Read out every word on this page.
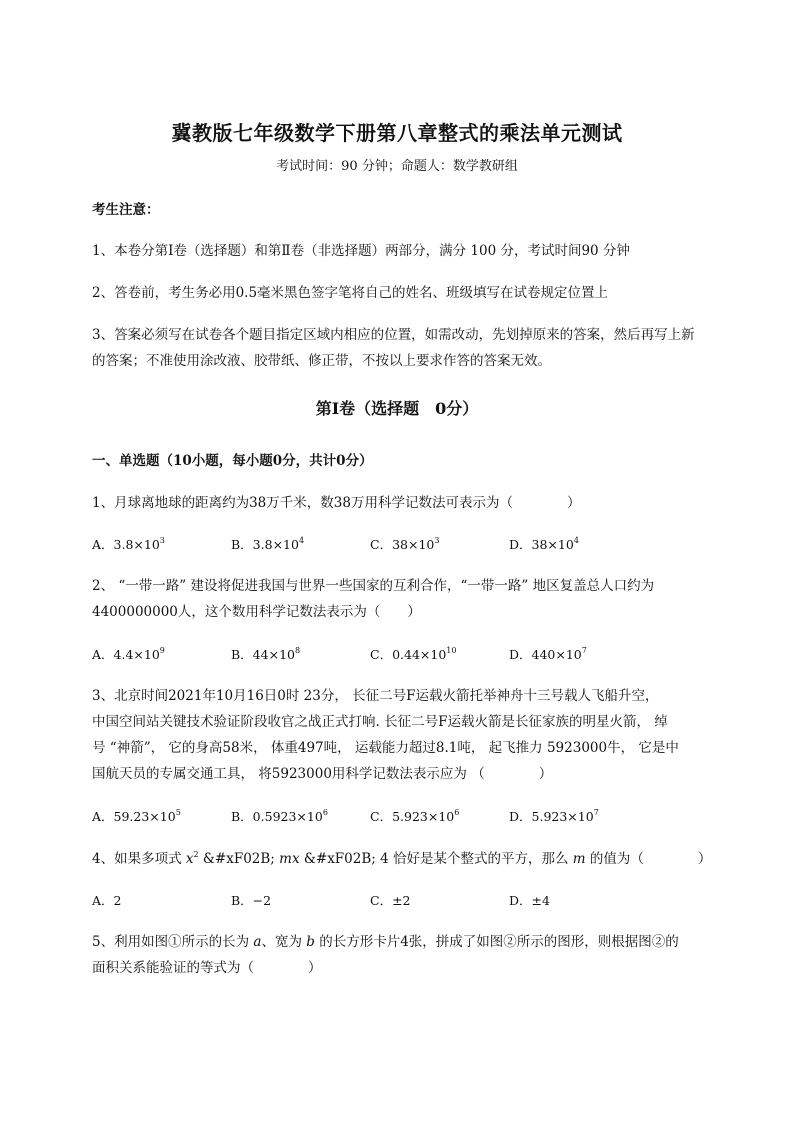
冀教版七年级数学下册第八章整式的乘法单元测试
考试时间：90 分钟；命题人：数学教研组
考生注意：
1、本卷分第Ⅰ卷（选择题）和第Ⅱ卷（非选择题）两部分，满分 100 分，考试时间90 分钟
2、答卷前，考生务必用0.5毫米黑色签字笔将自己的姓名、班级填写在试卷规定位置上
3、答案必须写在试卷各个题目指定区域内相应的位置，如需改动，先划掉原来的答案，然后再写上新
的答案；不准使用涂改液、胶带纸、修正带，不按以上要求作答的答案无效。
第Ⅰ卷（选择题　0分）
一、单选题（10小题，每小题0分，共计0分）
1、月球离地球的距离约为38万千米，数38万用科学记数法可表示为（　　　　）
A．$3.8\times 10^3$	B．$3.8\times 10^4$	C．$38\times 10^3$	D．$38\times 10^4$
2、 “一带一路” 建设将促进我国与世界一些国家的互利合作，“一带一路” 地区复盖总人口约为
4400000000人，这个数用科学记数法表示为（　　）
A．$4.4\times 10^9$	B．$44\times 10^8$	C．$0.44\times 10^{10}$	D．$440\times 10^7$
3、北京时间2021年10月16日0时 23分， 长征二号F运载火箭托举神舟十三号载人飞船升空，
中国空间站关键技术验证阶段收官之战正式打响. 长征二号F运载火箭是长征家族的明星火箭， 绰
号 “神箭”， 它的身高58米， 体重497吨， 运载能力超过8.1吨， 起飞推力 5923000牛， 它是中
国航天员的专属交通工具， 将5923000用科学记数法表示应为 （　　　　）
A．$59.23\times 10^5$	B．$0.5923\times 10^6$	C．$5.923\times 10^6$	D．$5.923\times 10^7$
4、如果多项式 $x^2$ &#xF02B; mx &#xF02B; 4 恰好是某个整式的平方，那么 m 的值为（　　　　）
A．2	B．−2	C．±2	D．±4
5、利用如图①所示的长为 a、宽为 b 的长方形卡片4张，拼成了如图②所示的图形，则根据图②的
面积关系能验证的等式为（　　　　）
